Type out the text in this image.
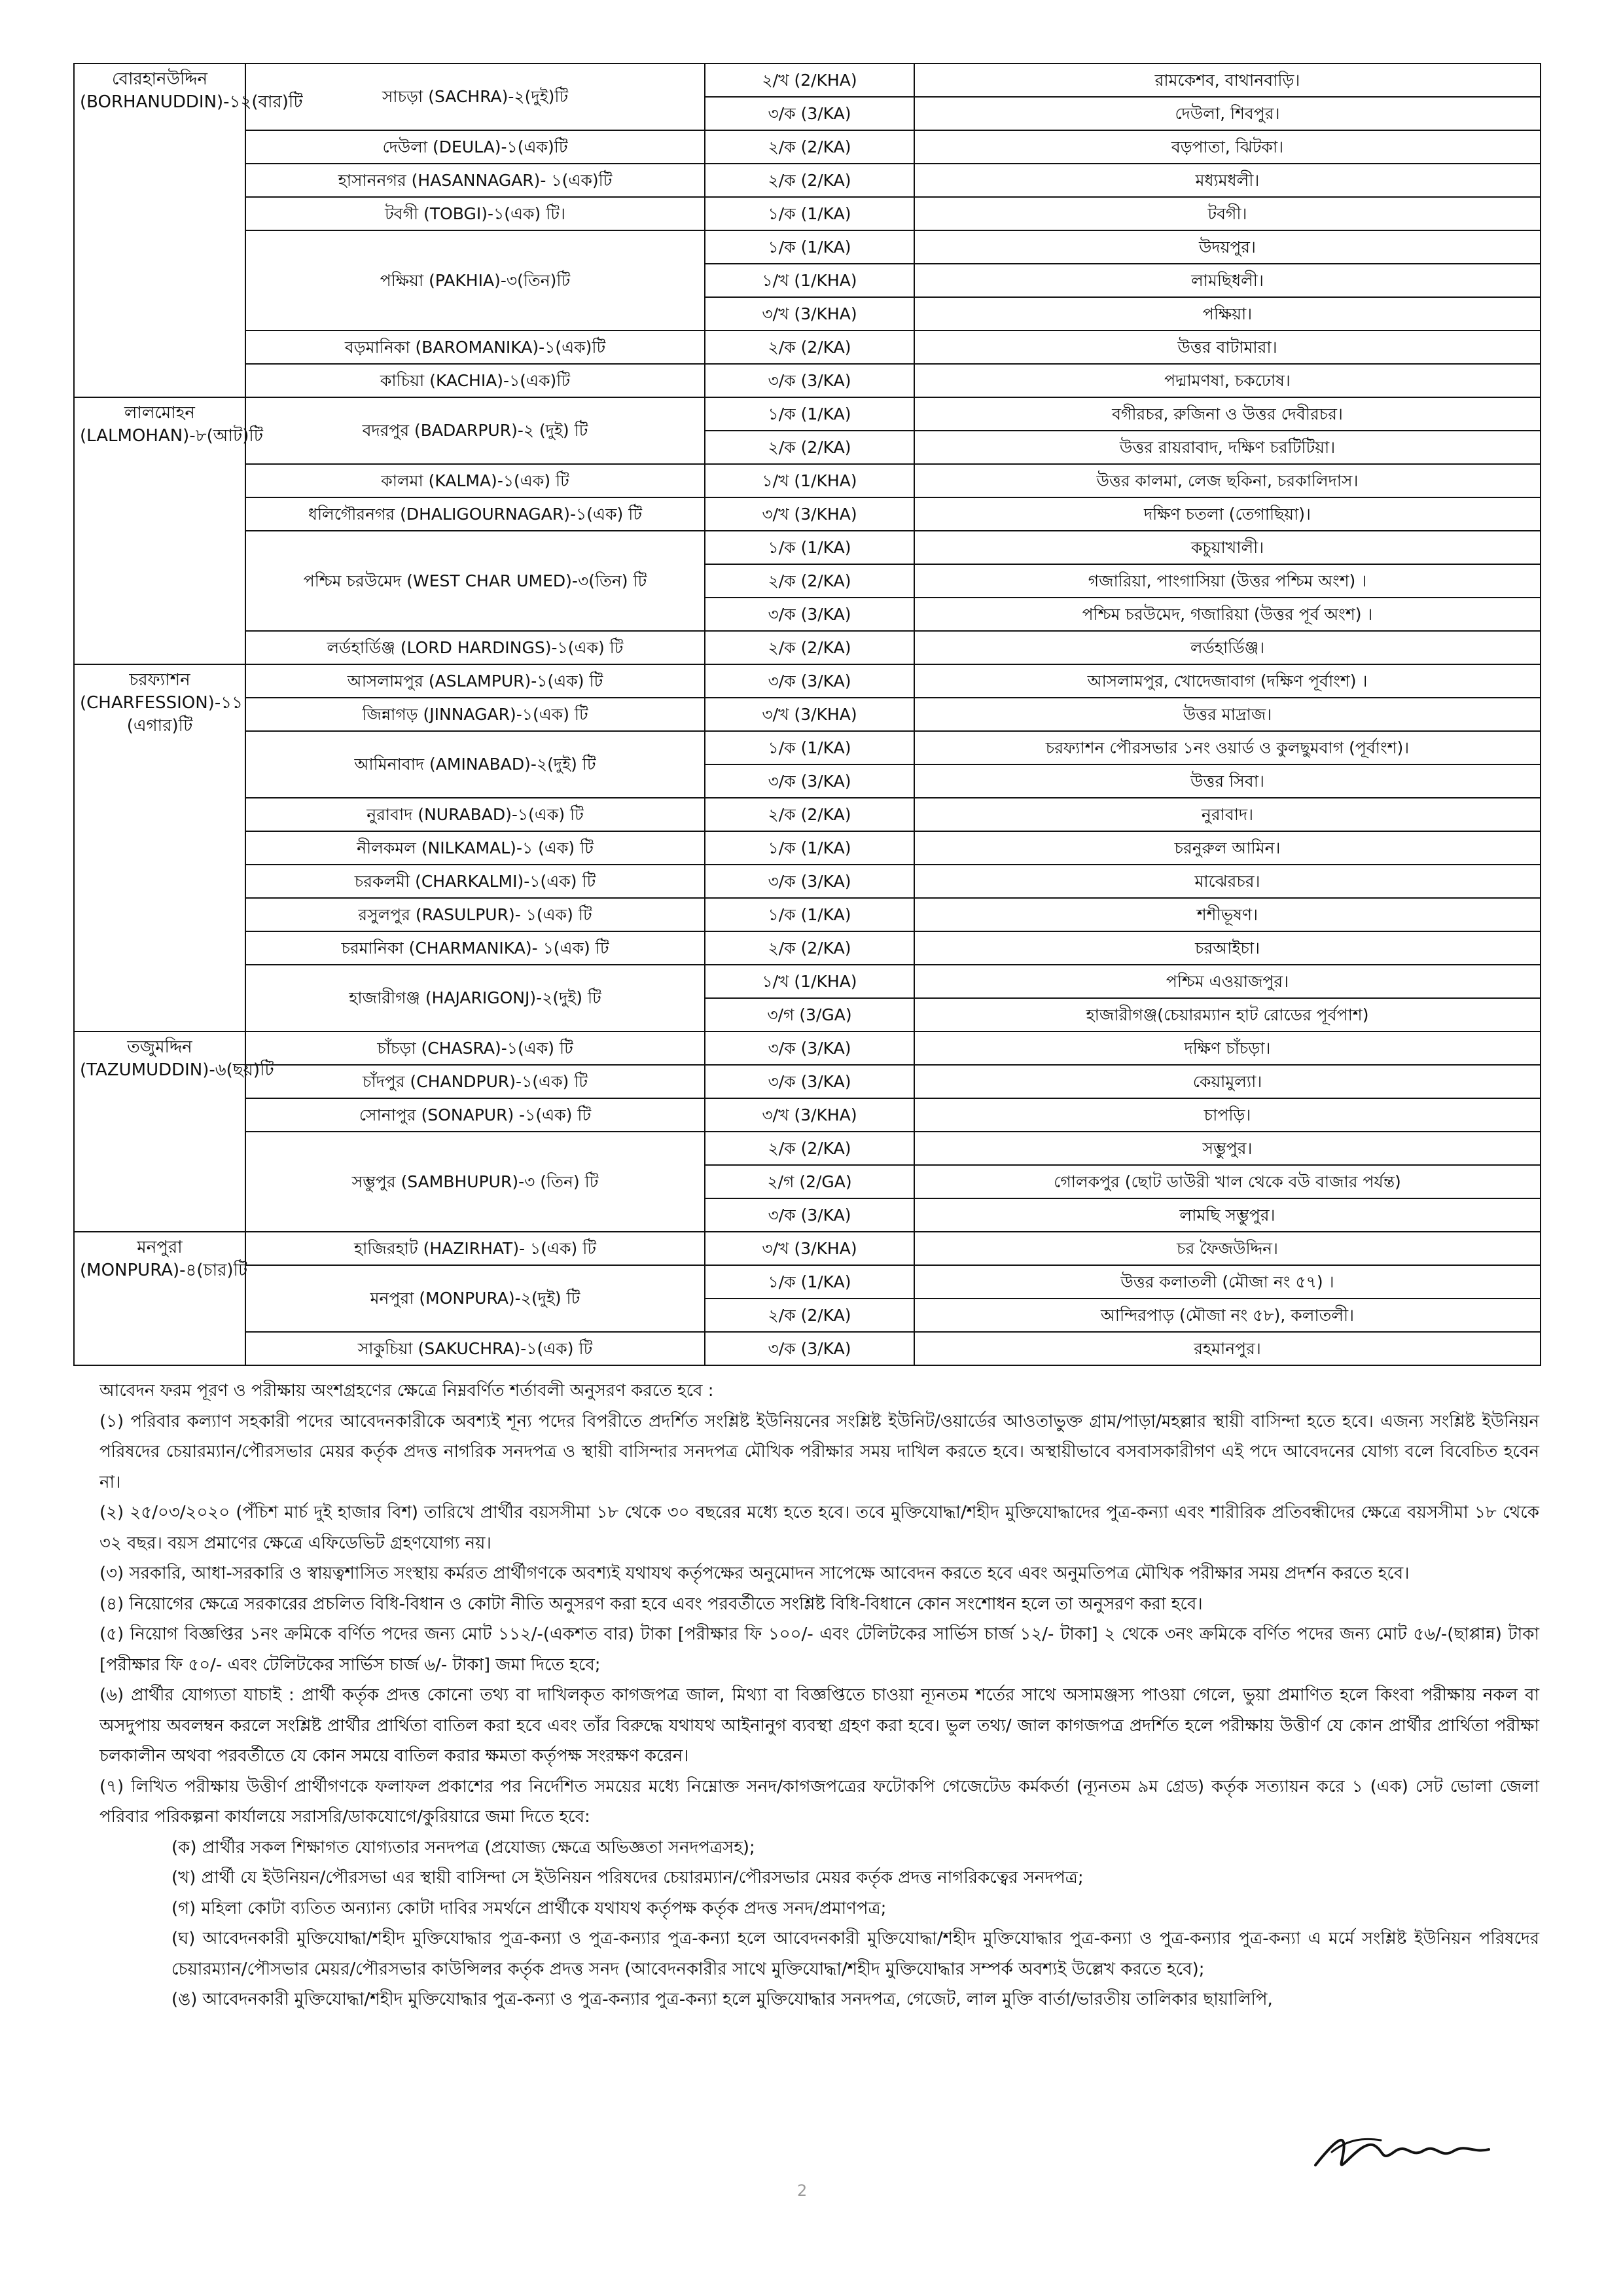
বোরহানউদ্দিন (BORHANUDDIN)-১২(বার)টি	সাচড়া (SACHRA)-২(দুই)টি	২/খ (2/KHA)	রামকেশব, বাথানবাড়ি।
		৩/ক (3/KA)	দেউলা, শিবপুর।
	দেউলা (DEULA)-১(এক)টি	২/ক (2/KA)	বড়পাতা, ঝিটকা।
	হাসাননগর (HASANNAGAR)- ১(এক)টি	২/ক (2/KA)	মধ্যমধলী।
	টবগী (TOBGI)-১(এক) টি।	১/ক (1/KA)	টবগী।
	পক্ষিয়া (PAKHIA)-৩(তিন)টি	১/ক (1/KA)	উদয়পুর।
		১/খ (1/KHA)	লামছিধলী।
		৩/খ (3/KHA)	পক্ষিয়া।
	বড়মানিকা (BAROMANIKA)-১(এক)টি	২/ক (2/KA)	উত্তর বাটামারা।
	কাচিয়া (KACHIA)-১(এক)টি	৩/ক (3/KA)	পদ্মামণষা, চকঢোষ।
লালমোহন (LALMOHAN)-৮(আট)টি	বদরপুর (BADARPUR)-২ (দুই) টি	১/ক (1/KA)	বগীরচর, রুজিনা ও উত্তর দেবীরচর।
		২/ক (2/KA)	উত্তর রায়রাবাদ, দক্ষিণ চরটিটিয়া।
	কালমা (KALMA)-১(এক) টি	১/খ (1/KHA)	উত্তর কালমা, লেজ ছকিনা, চরকালিদাস।
	ধলিগৌরনগর (DHALIGOURNAGAR)-১(এক) টি	৩/খ (3/KHA)	দক্ষিণ চতলা (তেগাছিয়া)।
	পশ্চিম চরউমেদ (WEST CHAR UMED)-৩(তিন) টি	১/ক (1/KA)	কচুয়াখালী।
		২/ক (2/KA)	গজারিয়া, পাংগাসিয়া (উত্তর পশ্চিম অংশ) ।
		৩/ক (3/KA)	পশ্চিম চরউমেদ, গজারিয়া (উত্তর পূর্ব অংশ) ।
	লর্ডহার্ডিঞ্জ (LORD HARDINGS)-১(এক) টি	২/ক (2/KA)	লর্ডহার্ডিঞ্জ।
চরফ্যাশন (CHARFESSION)-১১ (এগার)টি	আসলামপুর (ASLAMPUR)-১(এক) টি	৩/ক (3/KA)	আসলামপুর, খোদেজাবাগ (দক্ষিণ পূর্বাংশ) ।
	জিন্নাগড় (JINNAGAR)-১(এক) টি	৩/খ (3/KHA)	উত্তর মাদ্রাজ।
	আমিনাবাদ (AMINABAD)-২(দুই) টি	১/ক (1/KA)	চরফ্যাশন পৌরসভার ১নং ওয়ার্ড ও কুলছুমবাগ (পূর্বাংশ)।
		৩/ক (3/KA)	উত্তর সিবা।
	নুরাবাদ (NURABAD)-১(এক) টি	২/ক (2/KA)	নুরাবাদ।
	নীলকমল (NILKAMAL)-১ (এক) টি	১/ক (1/KA)	চরনুরুল আমিন।
	চরকলমী (CHARKALMI)-১(এক) টি	৩/ক (3/KA)	মাঝেরচর।
	রসুলপুর (RASULPUR)- ১(এক) টি	১/ক (1/KA)	শশীভূষণ।
	চরমানিকা (CHARMANIKA)- ১(এক) টি	২/ক (2/KA)	চরআইচা।
	হাজারীগঞ্জ (HAJARIGONJ)-২(দুই) টি	১/খ (1/KHA)	পশ্চিম এওয়াজপুর।
		৩/গ (3/GA)	হাজারীগঞ্জ(চেয়ারম্যান হাট রোডের পূর্বপাশ)
তজুমদ্দিন (TAZUMUDDIN)-৬(ছয়)টি	চাঁচড়া (CHASRA)-১(এক) টি	৩/ক (3/KA)	দক্ষিণ চাঁচড়া।
	চাঁদপুর (CHANDPUR)-১(এক) টি	৩/ক (3/KA)	কেয়ামুল্যা।
	সোনাপুর (SONAPUR) -১(এক) টি	৩/খ (3/KHA)	চাপড়ি।
	সম্ভুপুর (SAMBHUPUR)-৩ (তিন) টি	২/ক (2/KA)	সম্ভুপুর।
		২/গ (2/GA)	গোলকপুর (ছোট ডাউরী খাল থেকে বউ বাজার পর্যন্ত)
		৩/ক (3/KA)	লামছি সম্ভুপুর।
মনপুরা (MONPURA)-৪(চার)টি	হাজিরহাট (HAZIRHAT)- ১(এক) টি	৩/খ (3/KHA)	চর ফৈজউদ্দিন।
	মনপুরা (MONPURA)-২(দুই) টি	১/ক (1/KA)	উত্তর কলাতলী (মৌজা নং ৫৭) ।
		২/ক (2/KA)	আন্দিরপাড় (মৌজা নং ৫৮), কলাতলী।
	সাকুচিয়া (SAKUCHRA)-১(এক) টি	৩/ক (3/KA)	রহমানপুর।

আবেদন ফরম পূরণ ও পরীক্ষায় অংশগ্রহণের ক্ষেত্রে নিম্নবর্ণিত শর্তাবলী অনুসরণ করতে হবে :

(১) পরিবার কল্যাণ সহকারী পদের আবেদনকারীকে অবশ্যই শূন্য পদের বিপরীতে প্রদর্শিত সংশ্লিষ্ট ইউনিয়নের সংশ্লিষ্ট ইউনিট/ওয়ার্ডের আওতাভুক্ত গ্রাম/পাড়া/মহল্লার স্থায়ী বাসিন্দা হতে হবে। এজন্য সংশ্লিষ্ট ইউনিয়ন পরিষদের চেয়ারম্যান/পৌরসভার মেয়র কর্তৃক প্রদত্ত নাগরিক সনদপত্র ও স্থায়ী বাসিন্দার সনদপত্র মৌখিক পরীক্ষার সময় দাখিল করতে হবে। অস্থায়ীভাবে বসবাসকারীগণ এই পদে আবেদনের যোগ্য বলে বিবেচিত হবেন না।

(২) ২৫/০৩/২০২০ (পঁচিশ মার্চ দুই হাজার বিশ) তারিখে প্রার্থীর বয়সসীমা ১৮ থেকে ৩০ বছরের মধ্যে হতে হবে। তবে মুক্তিযোদ্ধা/শহীদ মুক্তিযোদ্ধাদের পুত্র-কন্যা এবং শারীরিক প্রতিবন্ধীদের ক্ষেত্রে বয়সসীমা ১৮ থেকে ৩২ বছর। বয়স প্রমাণের ক্ষেত্রে এফিডেভিট গ্রহণযোগ্য নয়।

(৩) সরকারি, আধা-সরকারি ও স্বায়ত্বশাসিত সংস্থায় কর্মরত প্রার্থীগণকে অবশ্যই যথাযথ কর্তৃপক্ষের অনুমোদন সাপেক্ষে আবেদন করতে হবে এবং অনুমতিপত্র মৌখিক পরীক্ষার সময় প্রদর্শন করতে হবে।

(৪) নিয়োগের ক্ষেত্রে সরকারের প্রচলিত বিধি-বিধান ও কোটা নীতি অনুসরণ করা হবে এবং পরবর্তীতে সংশ্লিষ্ট বিধি-বিধানে কোন সংশোধন হলে তা অনুসরণ করা হবে।

(৫) নিয়োগ বিজ্ঞপ্তির ১নং ক্রমিকে বর্ণিত পদের জন্য মোট ১১২/-(একশত বার) টাকা [পরীক্ষার ফি ১০০/- এবং টেলিটকের সার্ভিস চার্জ ১২/- টাকা] ২ থেকে ৩নং ক্রমিকে বর্ণিত পদের জন্য মোট ৫৬/-(ছাপ্পান্ন) টাকা [পরীক্ষার ফি ৫০/- এবং টেলিটকের সার্ভিস চার্জ ৬/- টাকা] জমা দিতে হবে;

(৬) প্রার্থীর যোগ্যতা যাচাই : প্রার্থী কর্তৃক প্রদত্ত কোনো তথ্য বা দাখিলকৃত কাগজপত্র জাল, মিথ্যা বা বিজ্ঞপ্তিতে চাওয়া ন্যূনতম শর্তের সাথে অসামঞ্জস্য পাওয়া গেলে, ভুয়া প্রমাণিত হলে কিংবা পরীক্ষায় নকল বা অসদুপায় অবলম্বন করলে সংশ্লিষ্ট প্রার্থীর প্রার্থিতা বাতিল করা হবে এবং তাঁর বিরুদ্ধে যথাযথ আইনানুগ ব্যবস্থা গ্রহণ করা হবে। ভুল তথ্য/ জাল কাগজপত্র প্রদর্শিত হলে পরীক্ষায় উত্তীর্ণ যে কোন প্রার্থীর প্রার্থিতা পরীক্ষা চলকালীন অথবা পরবর্তীতে যে কোন সময়ে বাতিল করার ক্ষমতা কর্তৃপক্ষ সংরক্ষণ করেন।

(৭) লিখিত পরীক্ষায় উত্তীর্ণ প্রার্থীগণকে ফলাফল প্রকাশের পর নির্দেশিত সময়ের মধ্যে নিম্নোক্ত সনদ/কাগজপত্রের ফটোকপি গেজেটেড কর্মকর্তা (ন্যূনতম ৯ম গ্রেড) কর্তৃক সত্যায়ন করে ১ (এক) সেট ভোলা জেলা পরিবার পরিকল্পনা কার্যালয়ে সরাসরি/ডাকযোগে/কুরিয়ারে জমা দিতে হবে:

(ক) প্রার্থীর সকল শিক্ষাগত যোগ্যতার সনদপত্র (প্রযোজ্য ক্ষেত্রে অভিজ্ঞতা সনদপত্রসহ);

(খ) প্রার্থী যে ইউনিয়ন/পৌরসভা এর স্থায়ী বাসিন্দা সে ইউনিয়ন পরিষদের চেয়ারম্যান/পৌরসভার মেয়র কর্তৃক প্রদত্ত নাগরিকত্বের সনদপত্র;

(গ) মহিলা কোটা ব্যতিত অন্যান্য কোটা দাবির সমর্থনে প্রার্থীকে যথাযথ কর্তৃপক্ষ কর্তৃক প্রদত্ত সনদ/প্রমাণপত্র;

(ঘ) আবেদনকারী মুক্তিযোদ্ধা/শহীদ মুক্তিযোদ্ধার পুত্র-কন্যা ও পুত্র-কন্যার পুত্র-কন্যা হলে আবেদনকারী মুক্তিযোদ্ধা/শহীদ মুক্তিযোদ্ধার পুত্র-কন্যা ও পুত্র-কন্যার পুত্র-কন্যা এ মর্মে সংশ্লিষ্ট ইউনিয়ন পরিষদের চেয়ারম্যান/পৌসভার মেয়র/পৌরসভার কাউন্সিলর কর্তৃক প্রদত্ত সনদ (আবেদনকারীর সাথে মুক্তিযোদ্ধা/শহীদ মুক্তিযোদ্ধার সম্পর্ক অবশ্যই উল্লেখ করতে হবে);

(ঙ) আবেদনকারী মুক্তিযোদ্ধা/শহীদ মুক্তিযোদ্ধার পুত্র-কন্যা ও পুত্র-কন্যার পুত্র-কন্যা হলে মুক্তিযোদ্ধার সনদপত্র, গেজেট, লাল মুক্তি বার্তা/ভারতীয় তালিকার ছায়ালিপি,

2
